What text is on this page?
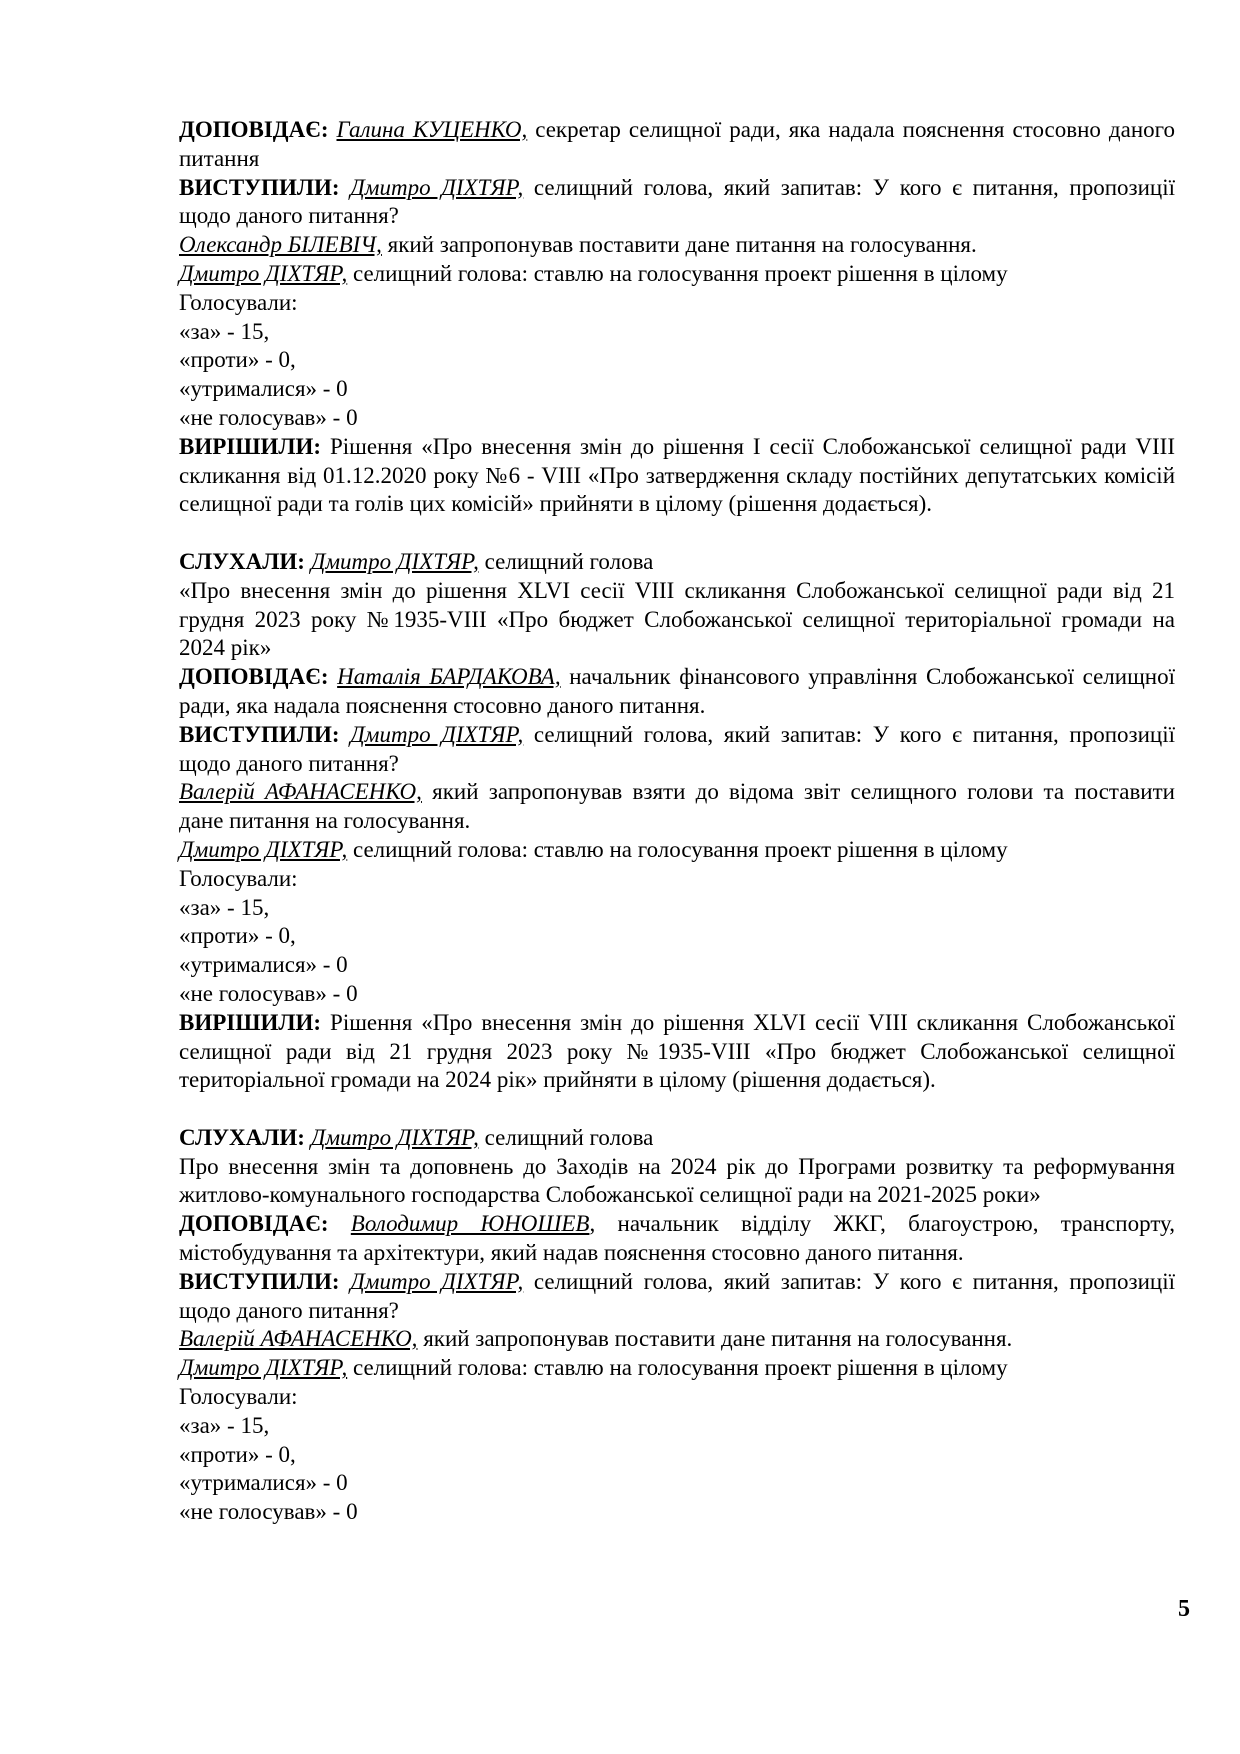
ДОПОВІДАЄ: Галина КУЦЕНКО, секретар селищної ради, яка надала пояснення стосовно даного питання

ВИСТУПИЛИ: Дмитро ДІХТЯР, селищний голова, який запитав: У кого є питання, пропозиції щодо даного питання?

Олександр БІЛЕВІЧ, який запропонував поставити дане питання на голосування.

Дмитро ДІХТЯР, селищний голова: ставлю на голосування проект рішення в цілому

Голосували:

«за» - 15,

«проти» - 0,

«утрималися» - 0

«не голосував» - 0

ВИРІШИЛИ: Рішення «Про внесення змін до рішення І сесії Слобожанської селищної ради VIII скликання від 01.12.2020 року №6 - VIII «Про затвердження складу постійних депутатських комісій селищної ради та голів цих комісій» прийняти в цілому (рішення додається).

СЛУХАЛИ: Дмитро ДІХТЯР, селищний голова

«Про внесення змін до рішення XLVI сесії VIII скликання Слобожанської селищної ради від 21 грудня 2023 року №1935-VIII «Про бюджет Слобожанської селищної територіальної громади на 2024 рік»

ДОПОВІДАЄ: Наталія БАРДАКОВА, начальник фінансового управління Слобожанської селищної ради, яка надала пояснення стосовно даного питання.

ВИСТУПИЛИ: Дмитро ДІХТЯР, селищний голова, який запитав: У кого є питання, пропозиції щодо даного питання?

Валерій АФАНАСЕНКО, який запропонував взяти до відома звіт селищного голови та поставити дане питання на голосування.

Дмитро ДІХТЯР, селищний голова: ставлю на голосування проект рішення в цілому

Голосували:

«за» - 15,

«проти» - 0,

«утрималися» - 0

«не голосував» - 0

ВИРІШИЛИ: Рішення «Про внесення змін до рішення XLVI сесії VIII скликання Слобожанської селищної ради від 21 грудня 2023 року №1935-VIII «Про бюджет Слобожанської селищної територіальної громади на 2024 рік» прийняти в цілому (рішення додається).

СЛУХАЛИ: Дмитро ДІХТЯР, селищний голова

Про внесення змін та доповнень до Заходів на 2024 рік до Програми розвитку та реформування житлово-комунального господарства Слобожанської селищної ради на 2021-2025 роки»

ДОПОВІДАЄ: Володимир ЮНОШЕВ, начальник відділу ЖКГ, благоустрою, транспорту, містобудування та архітектури, який надав пояснення стосовно даного питання.

ВИСТУПИЛИ: Дмитро ДІХТЯР, селищний голова, який запитав: У кого є питання, пропозиції щодо даного питання?

Валерій АФАНАСЕНКО, який запропонував поставити дане питання на голосування.

Дмитро ДІХТЯР, селищний голова: ставлю на голосування проект рішення в цілому

Голосували:

«за» - 15,

«проти» - 0,

«утрималися» - 0

«не голосував» - 0

5
